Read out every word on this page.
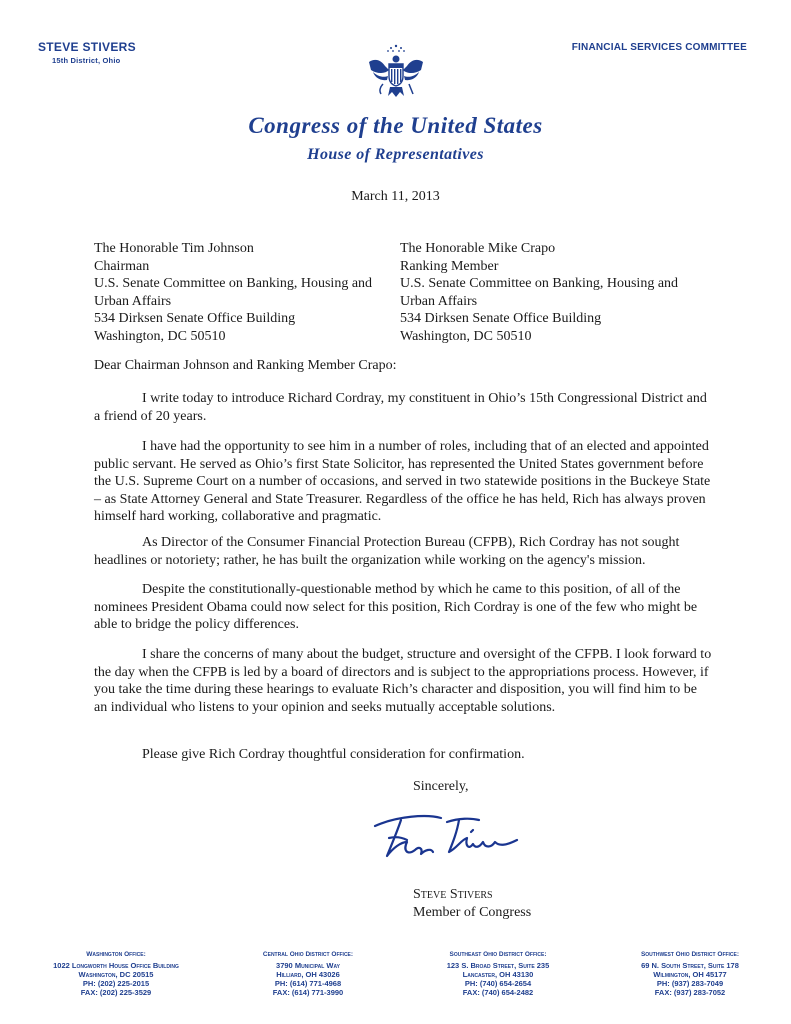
STEVE STIVERS
15th District, Ohio
FINANCIAL SERVICES COMMITTEE
Congress of the United States
House of Representatives
March 11, 2013
The Honorable Tim Johnson
Chairman
U.S. Senate Committee on Banking, Housing and
Urban Affairs
534 Dirksen Senate Office Building
Washington, DC 50510
The Honorable Mike Crapo
Ranking Member
U.S. Senate Committee on Banking, Housing and
Urban Affairs
534 Dirksen Senate Office Building
Washington, DC 50510
Dear Chairman Johnson and Ranking Member Crapo:
I write today to introduce Richard Cordray, my constituent in Ohio’s 15th Congressional District and a friend of 20 years.
I have had the opportunity to see him in a number of roles, including that of an elected and appointed public servant. He served as Ohio’s first State Solicitor, has represented the United States government before the U.S. Supreme Court on a number of occasions, and served in two statewide positions in the Buckeye State – as State Attorney General and State Treasurer. Regardless of the office he has held, Rich has always proven himself hard working, collaborative and pragmatic.
As Director of the Consumer Financial Protection Bureau (CFPB), Rich Cordray has not sought headlines or notoriety; rather, he has built the organization while working on the agency's mission.
Despite the constitutionally-questionable method by which he came to this position, of all of the nominees President Obama could now select for this position, Rich Cordray is one of the few who might be able to bridge the policy differences.
I share the concerns of many about the budget, structure and oversight of the CFPB. I look forward to the day when the CFPB is led by a board of directors and is subject to the appropriations process. However, if you take the time during these hearings to evaluate Rich’s character and disposition, you will find him to be an individual who listens to your opinion and seeks mutually acceptable solutions.
Please give Rich Cordray thoughtful consideration for confirmation.
Sincerely,
Steve Stivers
Member of Congress
Washington Office:
1022 Longworth House Office Building
Washington, DC 20515
PH: (202) 225-2015
FAX: (202) 225-3529
Central Ohio District Office:
3790 Municipal Way
Hilliard, OH 43026
PH: (614) 771-4968
FAX: (614) 771-3990
Southeast Ohio District Office:
123 S. Broad Street, Suite 235
Lancaster, OH 43130
PH: (740) 654-2654
FAX: (740) 654-2482
Southwest Ohio District Office:
69 N. South Street, Suite 178
Wilmington, OH 45177
PH: (937) 283-7049
FAX: (937) 283-7052
